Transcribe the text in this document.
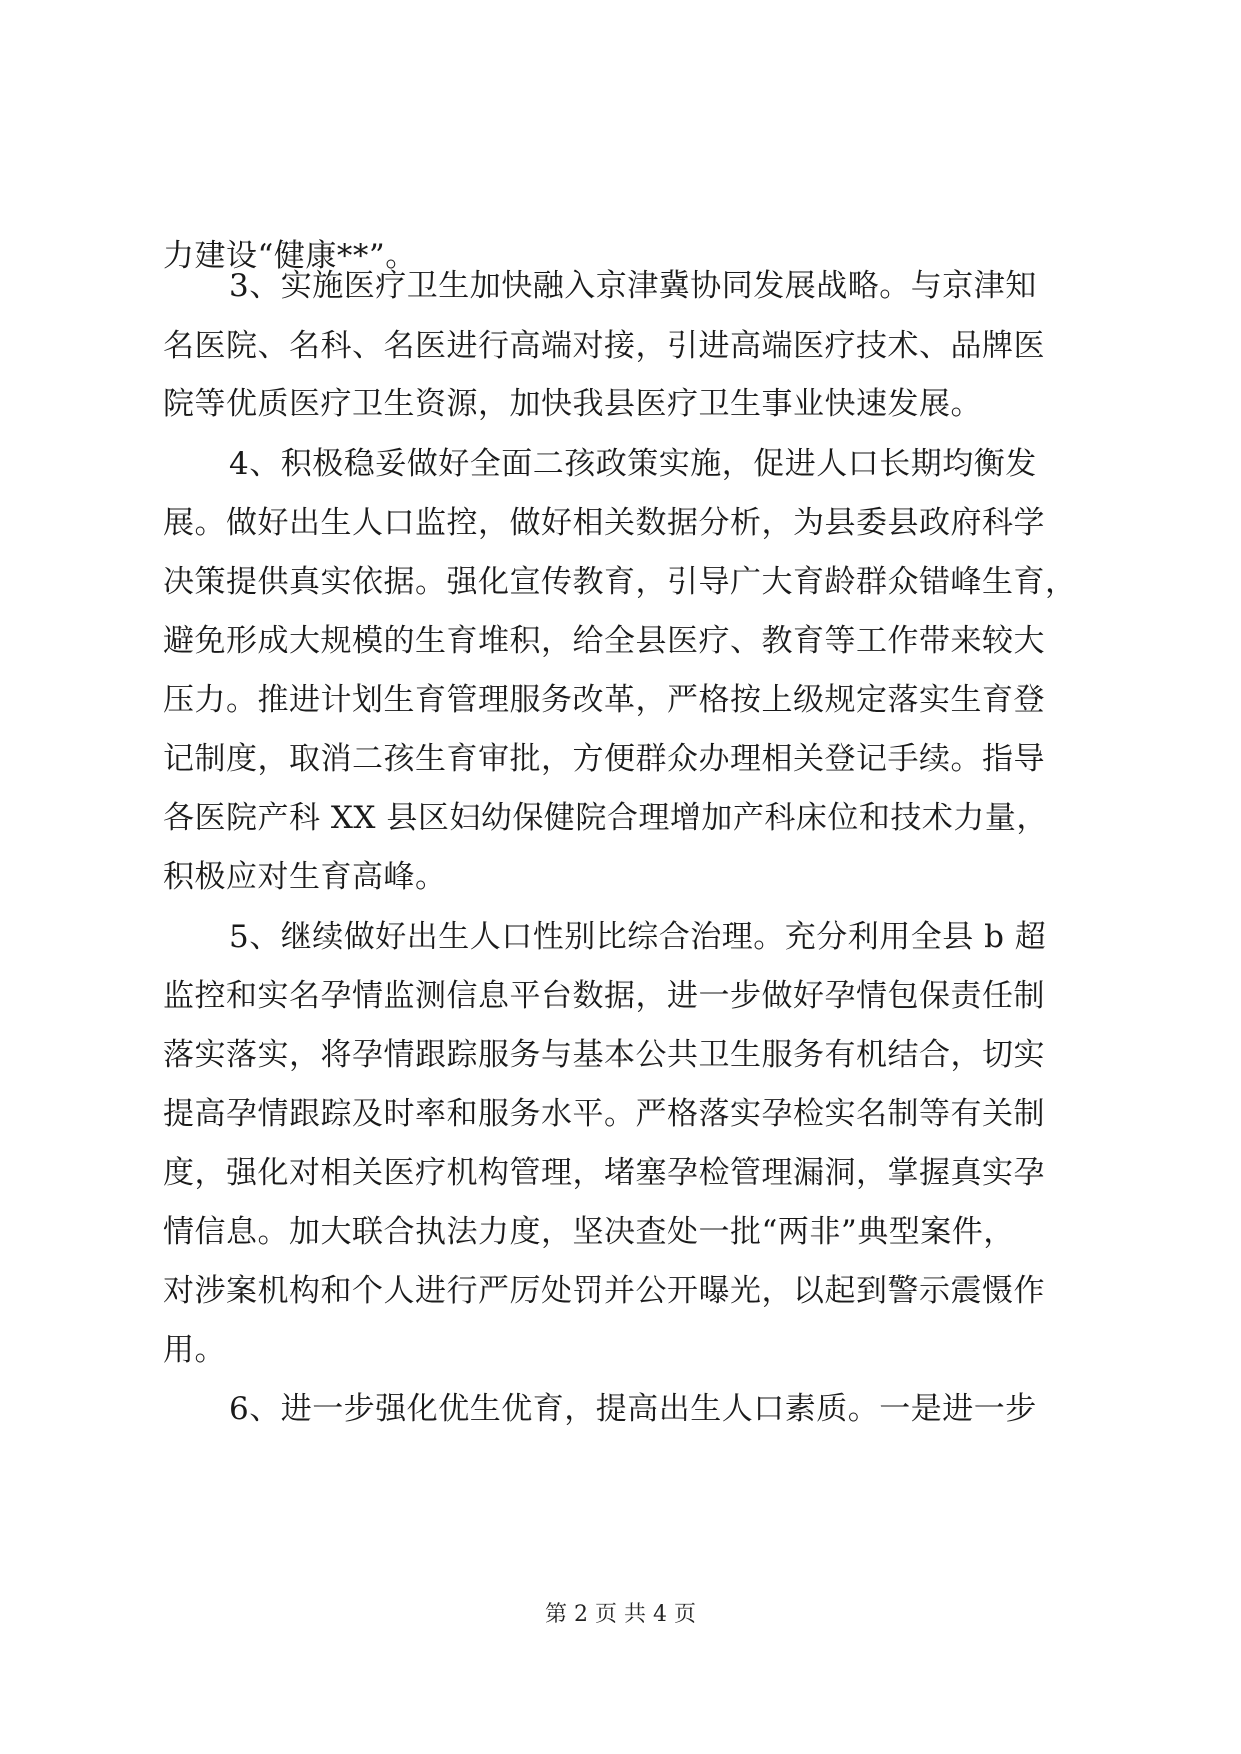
力建设“健康**”。
3、实施医疗卫生加快融入京津冀协同发展战略。与京津知
名医院、名科、名医进行高端对接，引进高端医疗技术、品牌医
院等优质医疗卫生资源，加快我县医疗卫生事业快速发展。
4、积极稳妥做好全面二孩政策实施，促进人口长期均衡发
展。做好出生人口监控，做好相关数据分析，为县委县政府科学
决策提供真实依据。强化宣传教育，引导广大育龄群众错峰生育，
避免形成大规模的生育堆积，给全县医疗、教育等工作带来较大
压力。推进计划生育管理服务改革，严格按上级规定落实生育登
记制度，取消二孩生育审批，方便群众办理相关登记手续。指导
各医院产科 XX 县区妇幼保健院合理增加产科床位和技术力量，
积极应对生育高峰。
5、继续做好出生人口性别比综合治理。充分利用全县 b 超
监控和实名孕情监测信息平台数据，进一步做好孕情包保责任制
落实落实，将孕情跟踪服务与基本公共卫生服务有机结合，切实
提高孕情跟踪及时率和服务水平。严格落实孕检实名制等有关制
度，强化对相关医疗机构管理，堵塞孕检管理漏洞，掌握真实孕
情信息。加大联合执法力度，坚决查处一批“两非”典型案件，
对涉案机构和个人进行严厉处罚并公开曝光，以起到警示震慑作
用。
6、进一步强化优生优育，提高出生人口素质。一是进一步
第 2 页 共 4 页
